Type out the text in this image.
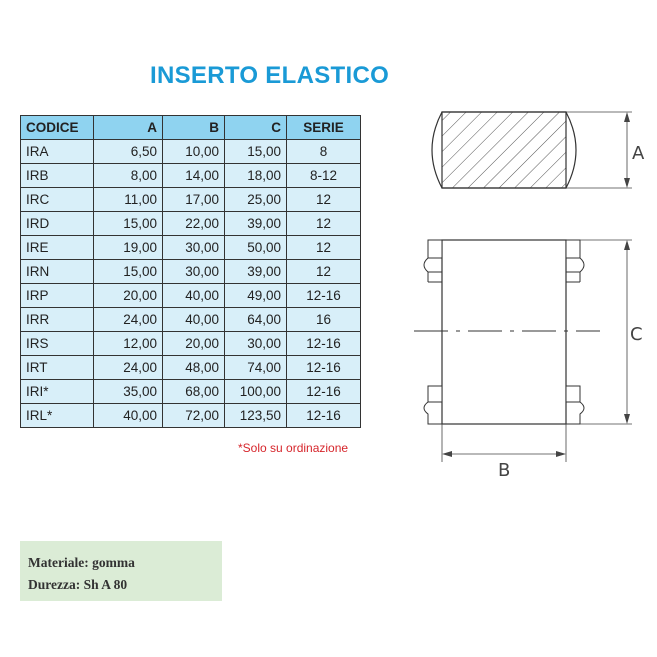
INSERTO ELASTICO
CODICE	A	B	C	SERIE
IRA	6,50	10,00	15,00	8
IRB	8,00	14,00	18,00	8-12
IRC	11,00	17,00	25,00	12
IRD	15,00	22,00	39,00	12
IRE	19,00	30,00	50,00	12
IRN	15,00	30,00	39,00	12
IRP	20,00	40,00	49,00	12-16
IRR	24,00	40,00	64,00	16
IRS	12,00	20,00	30,00	12-16
IRT	24,00	48,00	74,00	12-16
IRI*	35,00	68,00	100,00	12-16
IRL*	40,00	72,00	123,50	12-16
*Solo su ordinazione
Materiale: gomma
Durezza: Sh A 80
A
C
B
